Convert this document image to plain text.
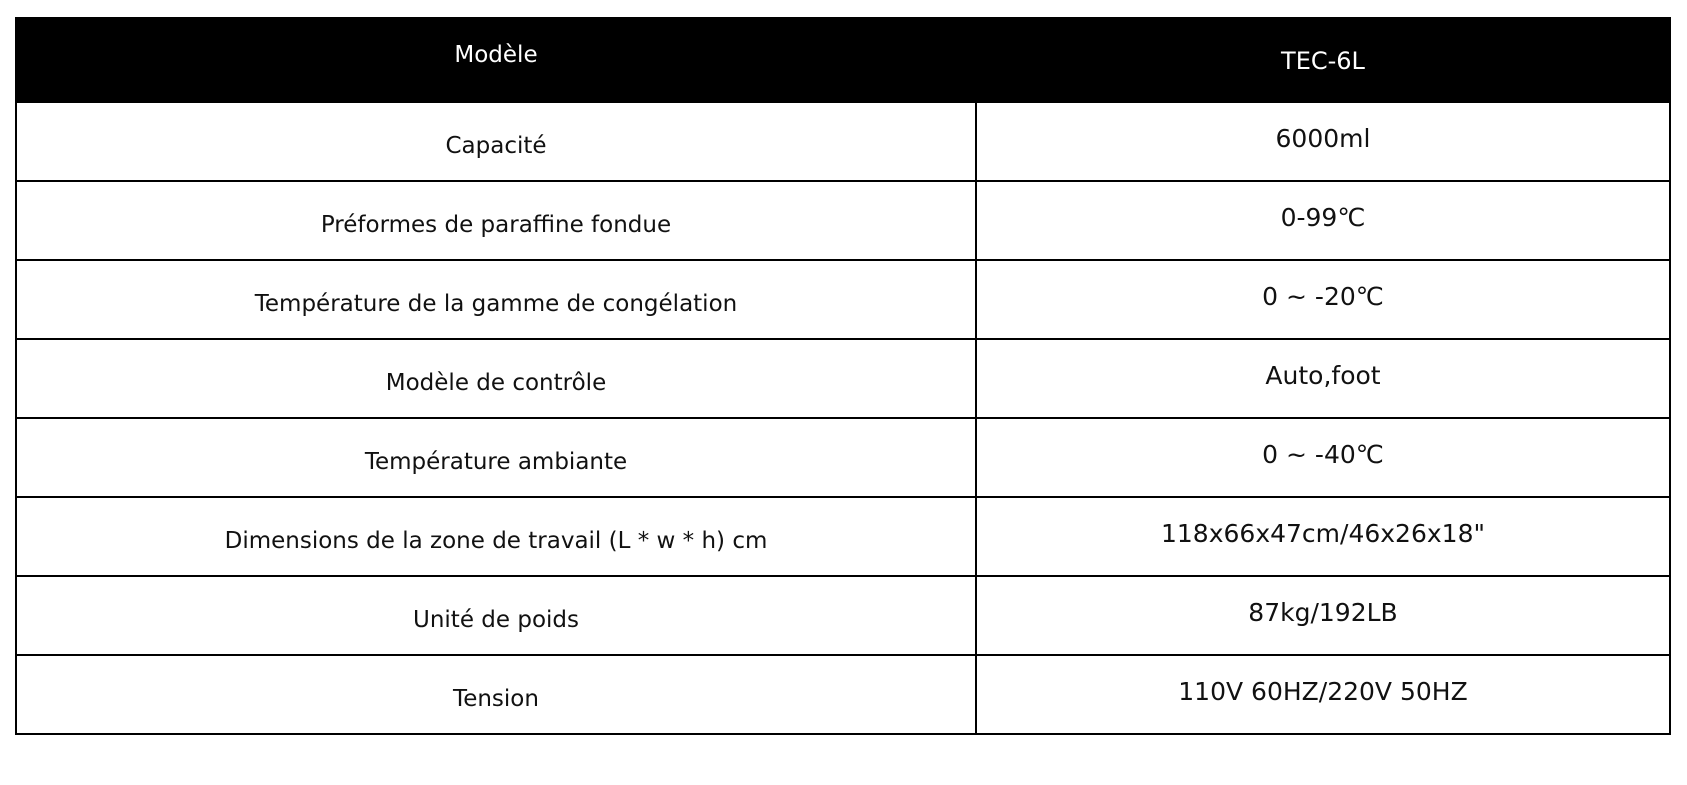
Modèle	TEC-6L
Capacité	6000ml
Préformes de paraffine fondue	0-99℃
Température de la gamme de congélation	0 ~ -20℃
Modèle de contrôle	Auto,foot
Température ambiante	0 ~ -40℃
Dimensions de la zone de travail (L * w * h) cm	118x66x47cm/46x26x18"
Unité de poids	87kg/192LB
Tension	110V 60HZ/220V 50HZ
